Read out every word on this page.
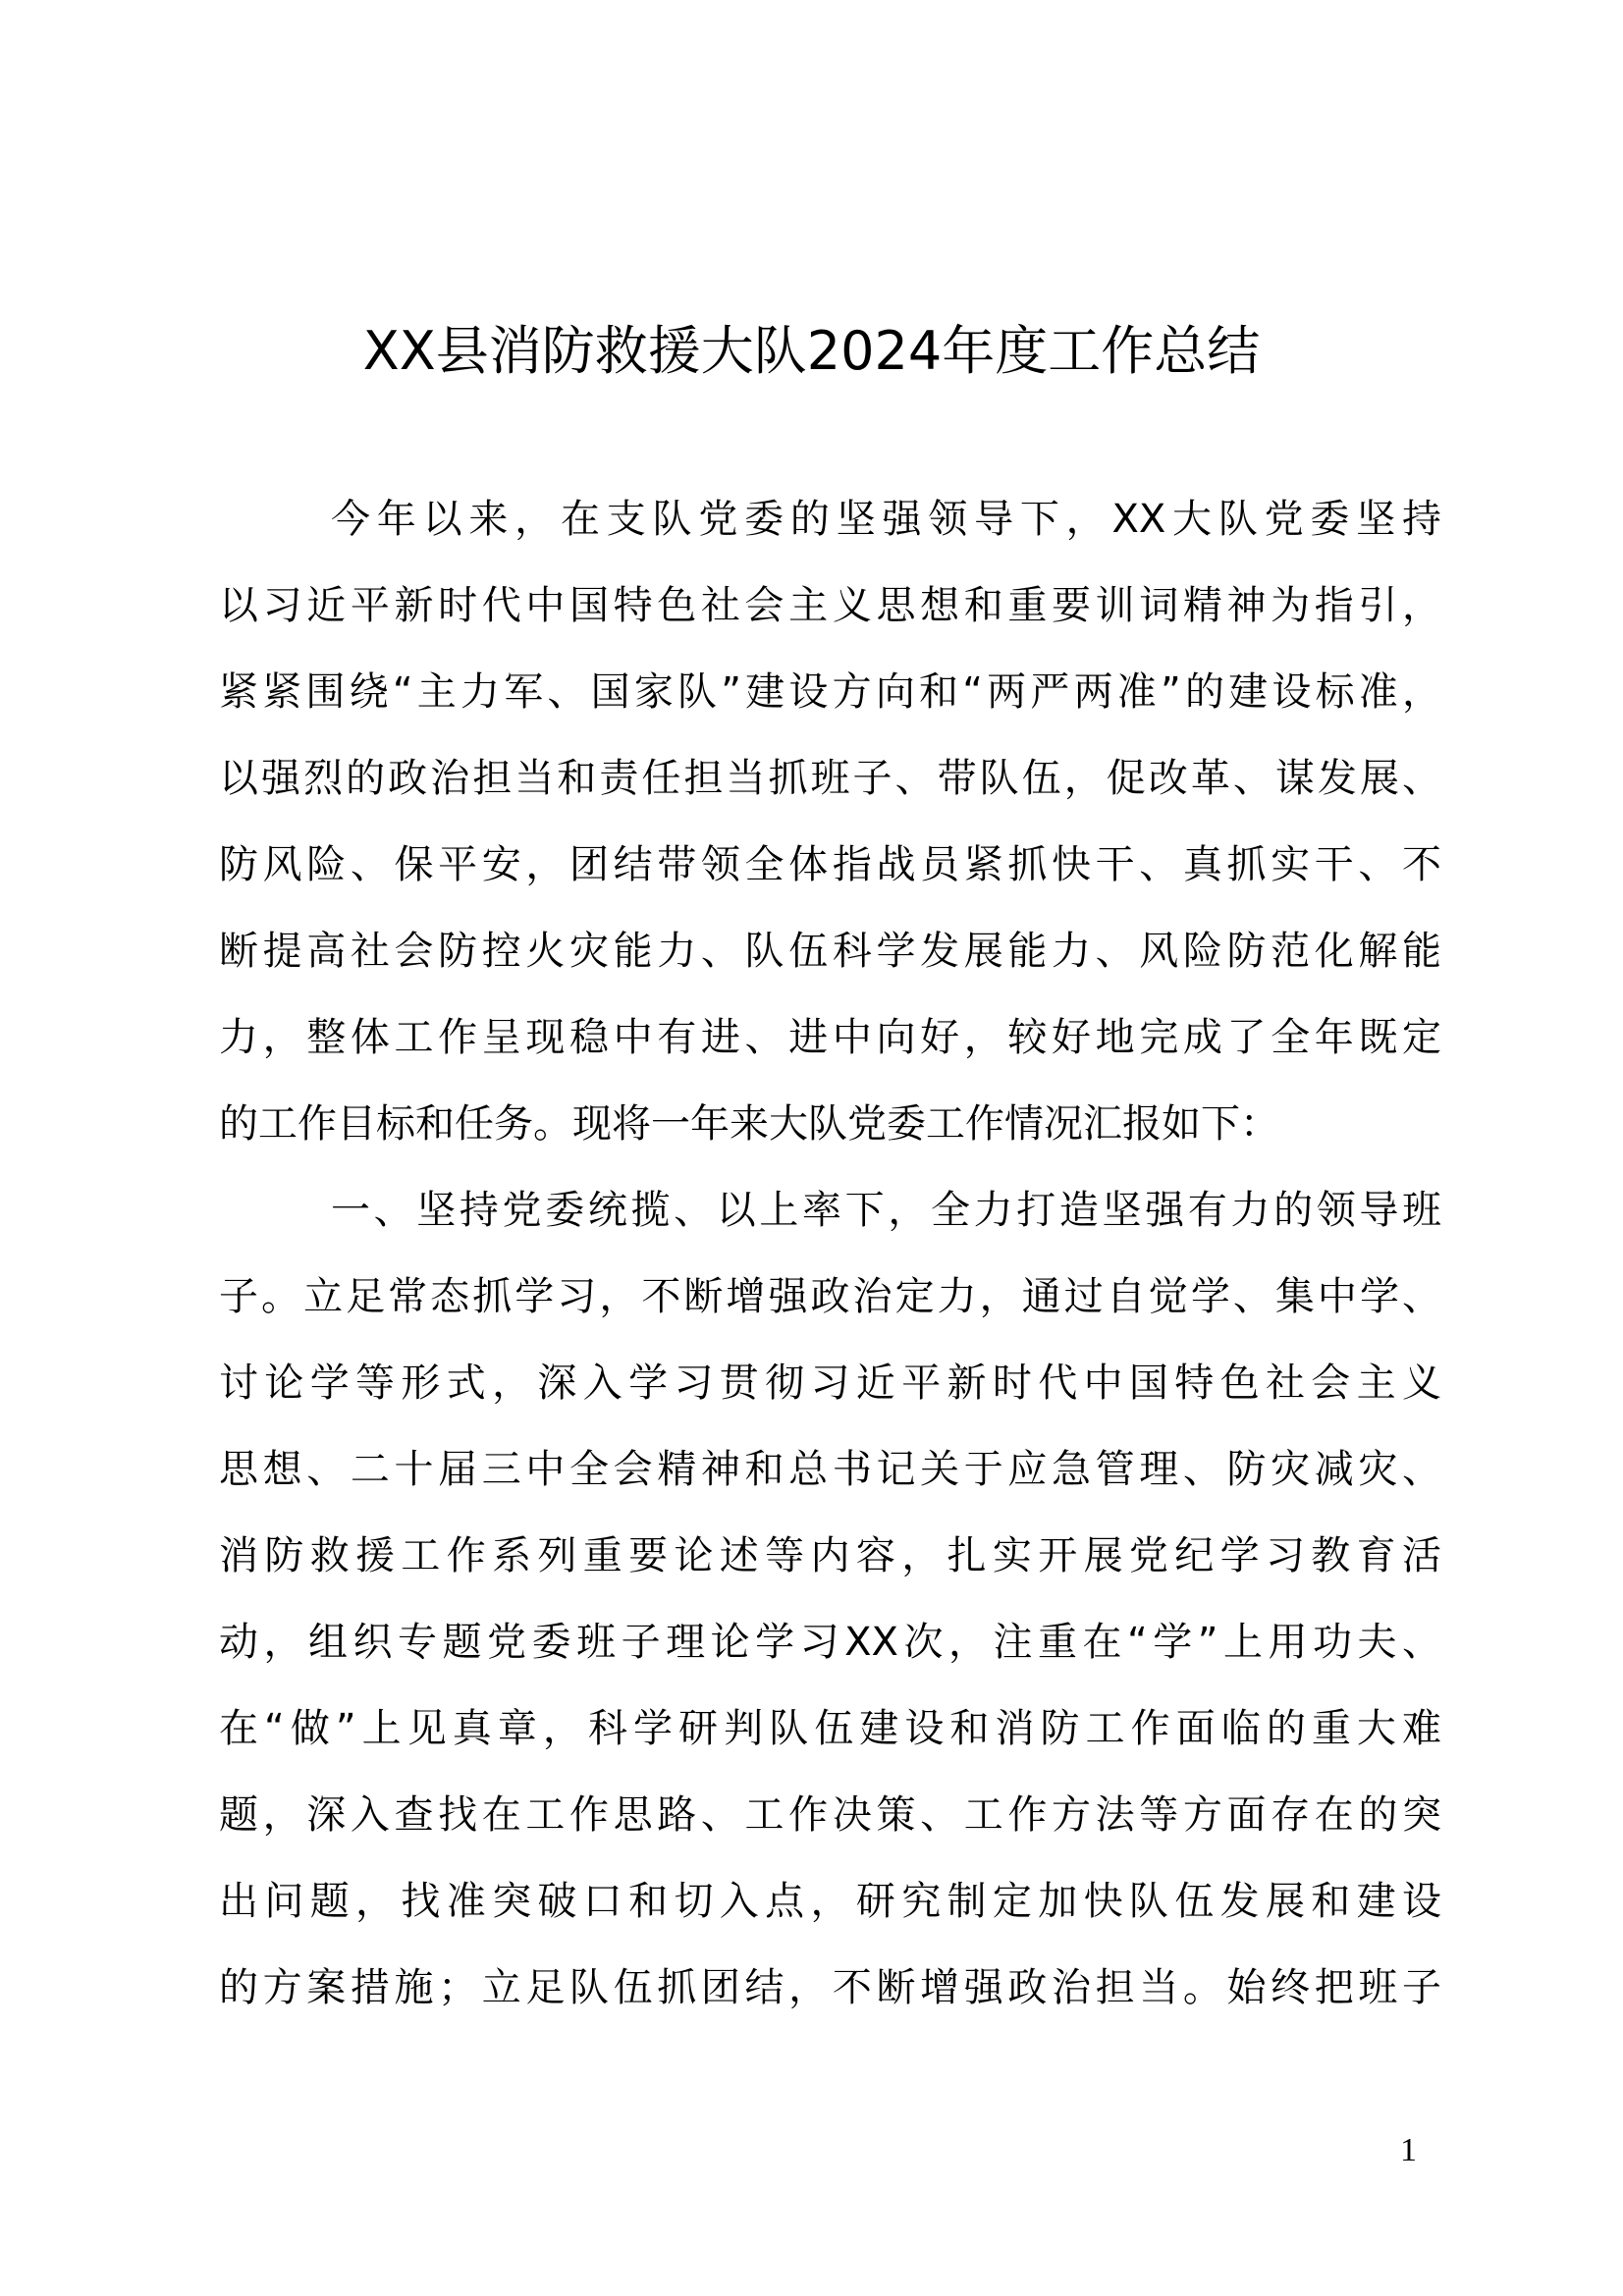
XX县消防救援大队2024年度工作总结
今年以来，在支队党委的坚强领导下，XX大队党委坚持
以习近平新时代中国特色社会主义思想和重要训词精神为指引，
紧紧围绕“主力军、国家队”建设方向和“两严两准”的建设标准，
以强烈的政治担当和责任担当抓班子、带队伍，促改革、谋发展、
防风险、保平安，团结带领全体指战员紧抓快干、真抓实干、不
断提高社会防控火灾能力、队伍科学发展能力、风险防范化解能
力，整体工作呈现稳中有进、进中向好，较好地完成了全年既定
的工作目标和任务。现将一年来大队党委工作情况汇报如下：
一、坚持党委统揽、以上率下，全力打造坚强有力的领导班
子。立足常态抓学习，不断增强政治定力，通过自觉学、集中学、
讨论学等形式，深入学习贯彻习近平新时代中国特色社会主义
思想、二十届三中全会精神和总书记关于应急管理、防灾减灾、
消防救援工作系列重要论述等内容，扎实开展党纪学习教育活
动，组织专题党委班子理论学习XX次，注重在“学”上用功夫、
在“做”上见真章，科学研判队伍建设和消防工作面临的重大难
题，深入查找在工作思路、工作决策、工作方法等方面存在的突
出问题，找准突破口和切入点，研究制定加快队伍发展和建设
的方案措施；立足队伍抓团结，不断增强政治担当。始终把班子
1
